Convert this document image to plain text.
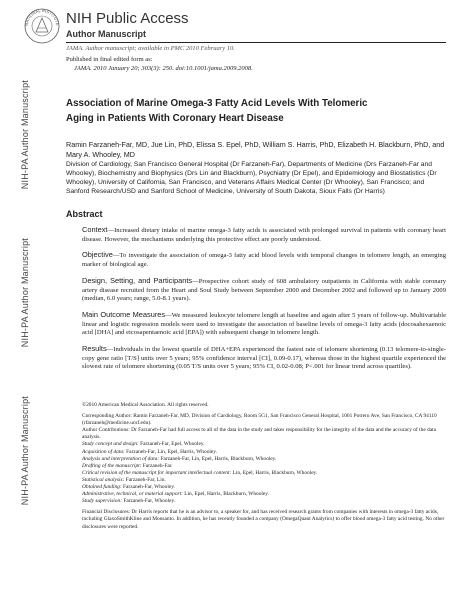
NATIONAL INSTITUTE NIH Public Access
Author Manuscript
JAMA. Author manuscript; available in PMC 2010 February 10.
Published in final edited form as:
JAMA. 2010 January 20; 303(3): 250. doi:10.1001/jama.2009.2008.
NIH-PA Author Manuscript
NIH-PA Author Manuscript
NIH-PA Author Manuscript
Association of Marine Omega-3 Fatty Acid Levels With Telomeric
Aging in Patients With Coronary Heart Disease
Ramin Farzaneh-Far, MD, Jue Lin, PhD, Elissa S. Epel, PhD, William S. Harris, PhD, Elizabeth H. Blackburn, PhD, and Mary A. Whooley, MD
Division of Cardiology, San Francisco General Hospital (Dr Farzaneh-Far), Departments of Medicine (Drs Farzaneh-Far and Whooley), Biochemistry and Biophysics (Drs Lin and Blackburn), Psychiatry (Dr Epel), and Epidemiology and Biostatistics (Dr Whooley), University of California, San Francisco, and Veterans Affairs Medical Center (Dr Whooley), San Francisco; and Sanford Research/USD and Sanford School of Medicine, University of South Dakota, Sioux Falls (Dr Harris)
Abstract

Context—Increased dietary intake of marine omega-3 fatty acids is associated with prolonged survival in patients with coronary heart disease. However, the mechanisms underlying this protective effect are poorly understood.

Objective—To investigate the association of omega-3 fatty acid blood levels with temporal changes in telomere length, an emerging marker of biological age.

Design, Setting, and Participants—Prospective cohort study of 608 ambulatory outpatients in California with stable coronary artery disease recruited from the Heart and Soul Study between September 2000 and December 2002 and followed up to January 2009 (median, 6.0 years; range, 5.0-8.1 years).

Main Outcome Measures—We measured leukocyte telomere length at baseline and again after 5 years of follow-up. Multivariable linear and logistic regression models were used to investigate the association of baseline levels of omega-3 fatty acids (docosahexaenoic acid [DHA] and eicosapentaenoic acid [EPA]) with subsequent change in telomere length.

Results—Individuals in the lowest quartile of DHA+EPA experienced the fastest rate of telomere shortening (0.13 telomere-to-single-copy gene ratio [T/S] units over 5 years; 95% confidence interval [CI], 0.09-0.17), whereas those in the highest quartile experienced the slowest rate of telomere shortening (0.05 T/S units over 5 years; 95% CI, 0.02-0.08; P<.001 for linear trend across quartiles).

©2010 American Medical Association. All rights reserved.

Corresponding Author: Ramin Farzaneh-Far, MD, Division of Cardiology, Room 5G1, San Francisco General Hospital, 1001 Potrero Ave, San Francisco, CA 94110 (rfarzaneh@medicine.ucsf.edu).

Author Contributions: Dr Farzaneh-Far had full access to all of the data in the study and takes responsibility for the integrity of the data and the accuracy of the data analysis.

Study concept and design: Farzaneh-Far, Epel, Whooley.

Acquisition of data: Farzaneh-Far, Lin, Epel, Harris, Whooley.

Analysis and interpretation of data: Farzaneh-Far, Lin, Epel, Harris, Blackburn, Whooley.

Drafting of the manuscript: Farzaneh-Far.

Critical revision of the manuscript for important intellectual content: Lin, Epel, Harris, Blackburn, Whooley.

Statistical analysis: Farzaneh-Far, Lin.

Obtained funding: Farzaneh-Far, Whooley.

Administrative, technical, or material support: Lin, Epel, Harris, Blackburn, Whooley.

Study supervision: Farzaneh-Far, Whooley.

Financial Disclosures: Dr Harris reports that he is an advisor to, a speaker for, and has received research grants from companies with interests in omega-3 fatty acids, including GlaxoSmithKline and Monsanto. In addition, he has recently founded a company (OmegaQuant Analytics) to offer blood omega-3 fatty acid testing. No other disclosures were reported.
